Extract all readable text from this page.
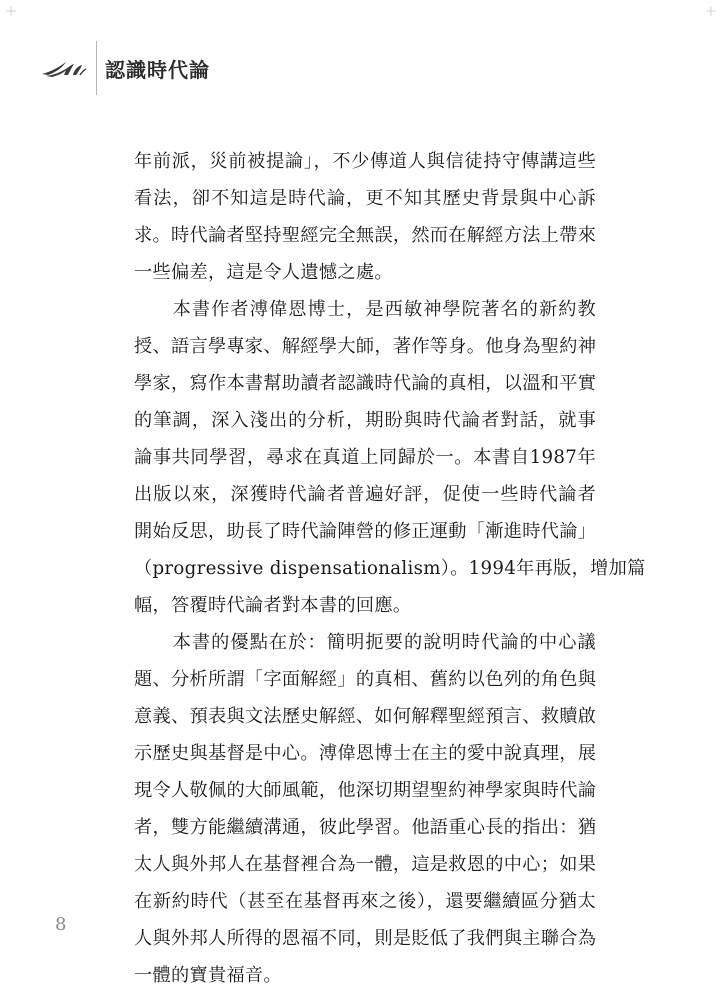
認識時代論
年前派，災前被提論」，不少傳道人與信徒持守傳講這些
看法，卻不知這是時代論，更不知其歷史背景與中心訴
求。時代論者堅持聖經完全無誤，然而在解經方法上帶來
一些偏差，這是令人遺憾之處。
　　本書作者溥偉恩博士，是西敏神學院著名的新約教
授、語言學專家、解經學大師，著作等身。他身為聖約神
學家，寫作本書幫助讀者認識時代論的真相，以溫和平實
的筆調，深入淺出的分析，期盼與時代論者對話，就事
論事共同學習，尋求在真道上同歸於一。本書自1987年
出版以來，深獲時代論者普遍好評，促使一些時代論者
開始反思，助長了時代論陣營的修正運動「漸進時代論」
（progressive dispensationalism）。1994年再版，增加篇
幅，答覆時代論者對本書的回應。
　　本書的優點在於：簡明扼要的說明時代論的中心議
題、分析所謂「字面解經」的真相、舊約以色列的角色與
意義、預表與文法歷史解經、如何解釋聖經預言、救贖啟
示歷史與基督是中心。溥偉恩博士在主的愛中說真理，展
現令人敬佩的大師風範，他深切期望聖約神學家與時代論
者，雙方能繼續溝通，彼此學習。他語重心長的指出：猶
太人與外邦人在基督裡合為一體，這是救恩的中心；如果
在新約時代（甚至在基督再來之後），還要繼續區分猶太
人與外邦人所得的恩福不同，則是貶低了我們與主聯合為
一體的寶貴福音。
8
